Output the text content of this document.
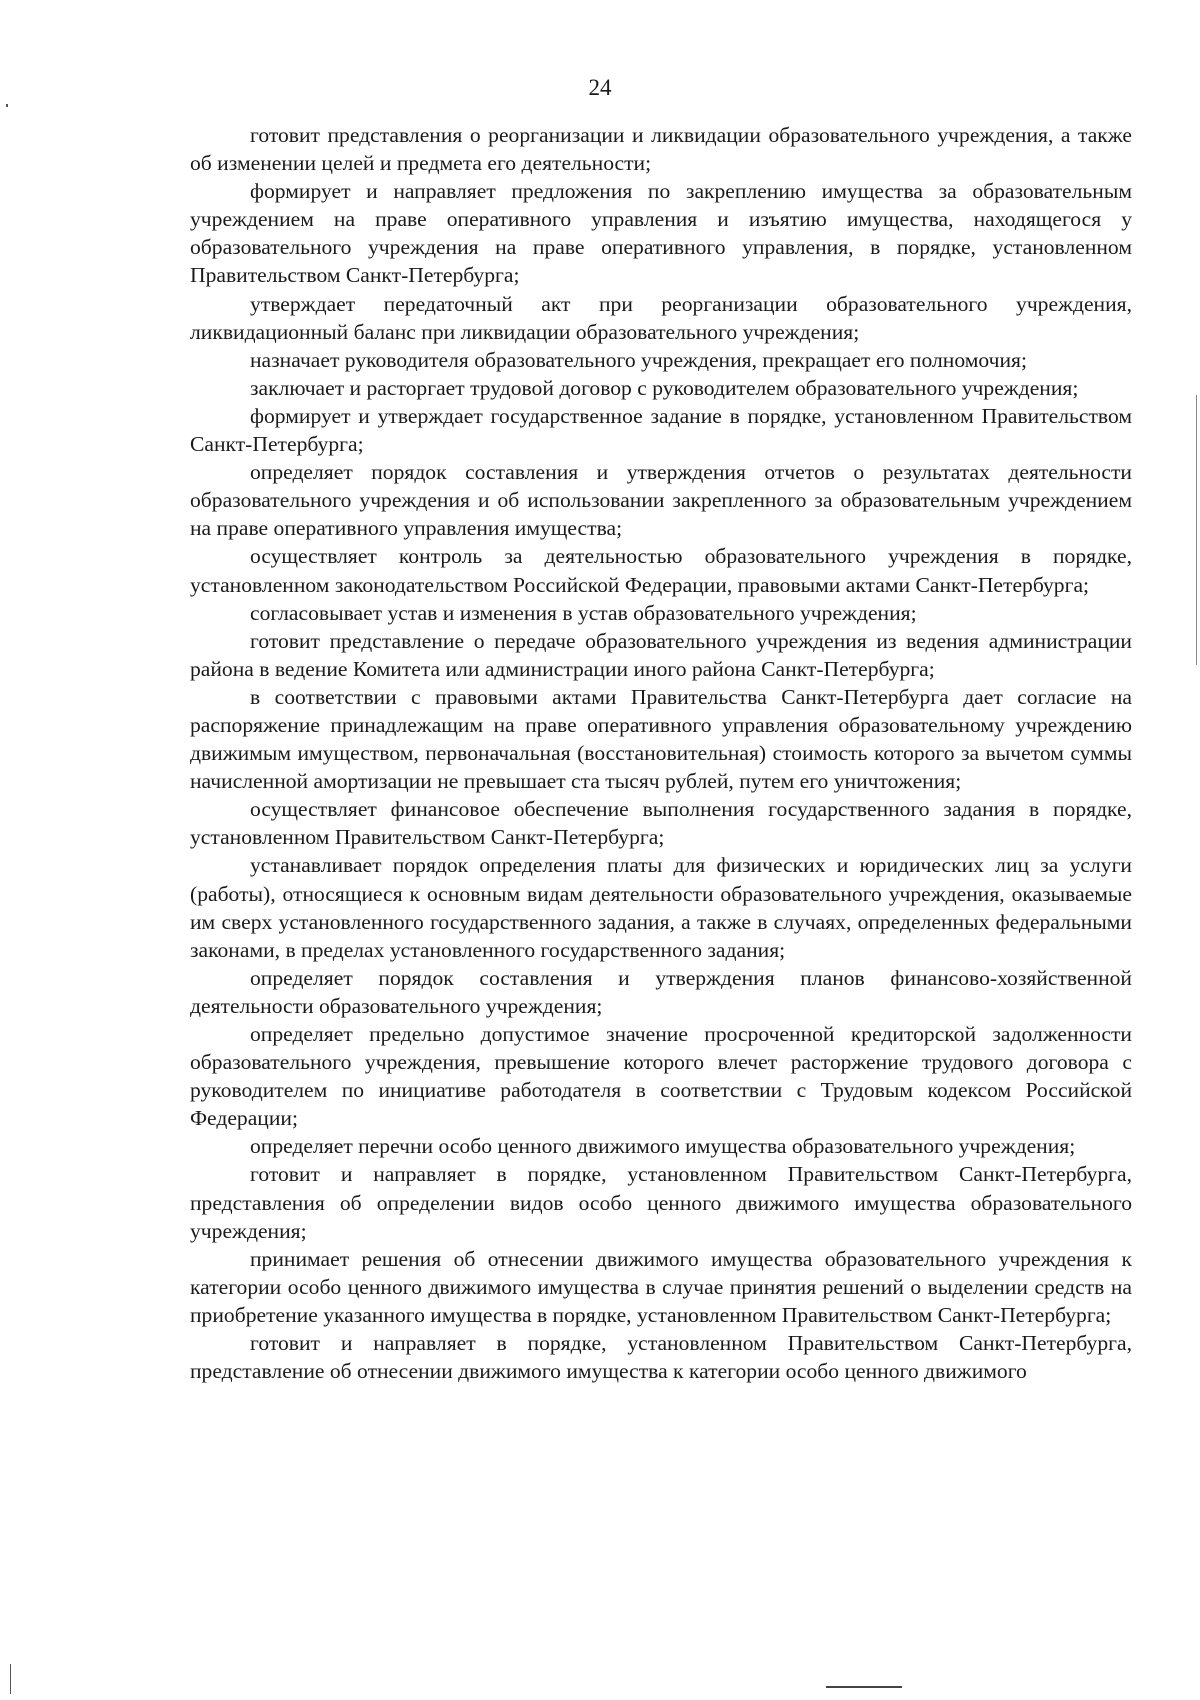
24

готовит представления о реорганизации и ликвидации образовательного учреждения, а также об изменении целей и предмета его деятельности;

формирует и направляет предложения по закреплению имущества за образовательным учреждением на праве оперативного управления и изъятию имущества, находящегося у образовательного учреждения на праве оперативного управления, в порядке, установленном Правительством Санкт-Петербурга;

утверждает передаточный акт при реорганизации образовательного учреждения, ликвидационный баланс при ликвидации образовательного учреждения;

назначает руководителя образовательного учреждения, прекращает его полномочия;

заключает и расторгает трудовой договор с руководителем образовательного учреждения;

формирует и утверждает государственное задание в порядке, установленном Правительством Санкт-Петербурга;

определяет порядок составления и утверждения отчетов о результатах деятельности образовательного учреждения и об использовании закрепленного за образовательным учреждением на праве оперативного управления имущества;

осуществляет контроль за деятельностью образовательного учреждения в порядке, установленном законодательством Российской Федерации, правовыми актами Санкт-Петербурга;

согласовывает устав и изменения в устав образовательного учреждения;

готовит представление о передаче образовательного учреждения из ведения администрации района в ведение Комитета или администрации иного района Санкт-Петербурга;

в соответствии с правовыми актами Правительства Санкт-Петербурга дает согласие на распоряжение принадлежащим на праве оперативного управления образовательному учреждению движимым имуществом, первоначальная (восстановительная) стоимость которого за вычетом суммы начисленной амортизации не превышает ста тысяч рублей, путем его уничтожения;

осуществляет финансовое обеспечение выполнения государственного задания в порядке, установленном Правительством Санкт-Петербурга;

устанавливает порядок определения платы для физических и юридических лиц за услуги (работы), относящиеся к основным видам деятельности образовательного учреждения, оказываемые им сверх установленного государственного задания, а также в случаях, определенных федеральными законами, в пределах установленного государственного задания;

определяет порядок составления и утверждения планов финансово-хозяйственной деятельности образовательного учреждения;

определяет предельно допустимое значение просроченной кредиторской задолженности образовательного учреждения, превышение которого влечет расторжение трудового договора с руководителем по инициативе работодателя в соответствии с Трудовым кодексом Российской Федерации;

определяет перечни особо ценного движимого имущества образовательного учреждения;

готовит и направляет в порядке, установленном Правительством Санкт-Петербурга, представления об определении видов особо ценного движимого имущества образовательного учреждения;

принимает решения об отнесении движимого имущества образовательного учреждения к категории особо ценного движимого имущества в случае принятия решений о выделении средств на приобретение указанного имущества в порядке, установленном Правительством Санкт-Петербурга;

готовит и направляет в порядке, установленном Правительством Санкт-Петербурга, представление об отнесении движимого имущества к категории особо ценного движимого
